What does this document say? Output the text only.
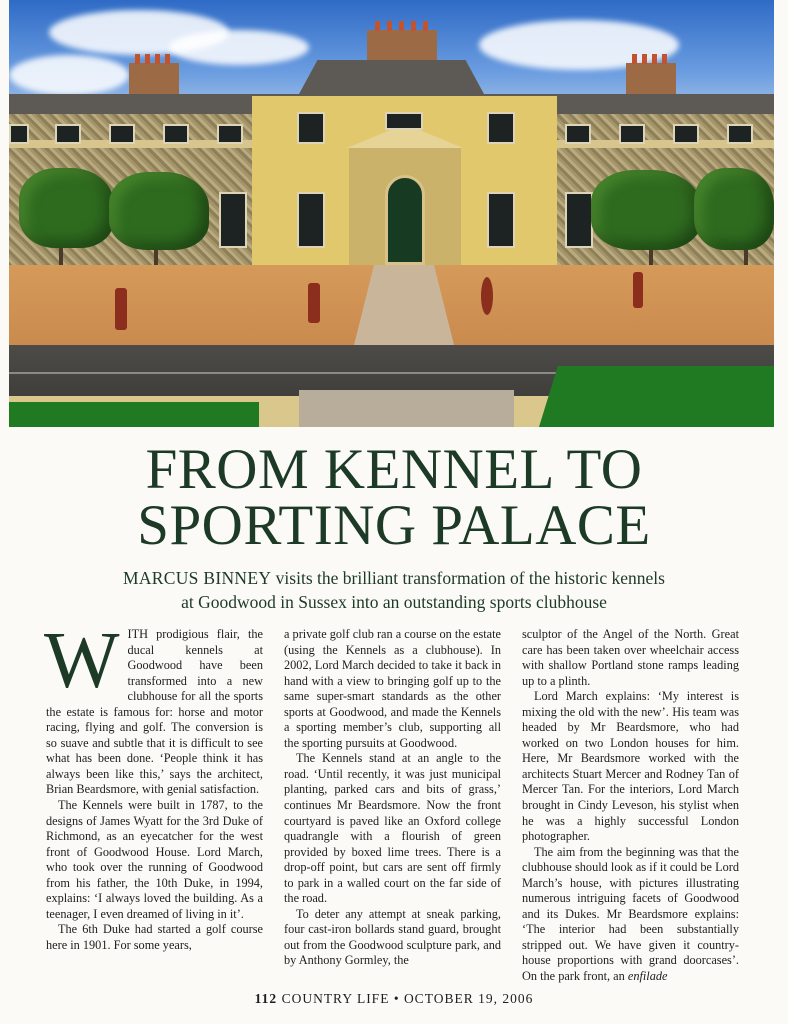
FROM KENNEL TO
SPORTING PALACE

MARCUS BINNEY visits the brilliant transformation of the historic kennels
at Goodwood in Sussex into an outstanding sports clubhouse

W ITH prodigious flair, the ducal kennels at Goodwood have been transformed into a new clubhouse for all the sports the estate is famous for: horse and motor racing, flying and golf. The conversion is so suave and subtle that it is difficult to see what has been done. ‘People think it has always been like this,’ says the architect, Brian Beardsmore, with genial satisfaction.

The Kennels were built in 1787, to the designs of James Wyatt for the 3rd Duke of Richmond, as an eyecatcher for the west front of Goodwood House. Lord March, who took over the running of Goodwood from his father, the 10th Duke, in 1994, explains: ‘I always loved the building. As a teenager, I even dreamed of living in it’.

The 6th Duke had started a golf course here in 1901. For some years,

a private golf club ran a course on the estate (using the Kennels as a clubhouse). In 2002, Lord March decided to take it back in hand with a view to bringing golf up to the same super-smart standards as the other sports at Goodwood, and made the Kennels a sporting member’s club, supporting all the sporting pursuits at Goodwood.

The Kennels stand at an angle to the road. ‘Until recently, it was just municipal planting, parked cars and bits of grass,’ continues Mr Beardsmore. Now the front courtyard is paved like an Oxford college quadrangle with a flourish of green provided by boxed lime trees. There is a drop-off point, but cars are sent off firmly to park in a walled court on the far side of the road.

To deter any attempt at sneak parking, four cast-iron bollards stand guard, brought out from the Goodwood sculpture park, and by Anthony Gormley, the

sculptor of the Angel of the North. Great care has been taken over wheelchair access with shallow Portland stone ramps leading up to a plinth.

Lord March explains: ‘My interest is mixing the old with the new’. His team was headed by Mr Beardsmore, who had worked on two London houses for him. Here, Mr Beardsmore worked with the architects Stuart Mercer and Rodney Tan of Mercer Tan. For the interiors, Lord March brought in Cindy Leveson, his stylist when he was a highly successful London photographer.

The aim from the beginning was that the clubhouse should look as if it could be Lord March’s house, with pictures illustrating numerous intriguing facets of Goodwood and its Dukes. Mr Beardsmore explains: ‘The interior had been substantially stripped out. We have given it country-house proportions with grand doorcases’. On the park front, an enfilade

112 COUNTRY LIFE • OCTOBER 19, 2006
